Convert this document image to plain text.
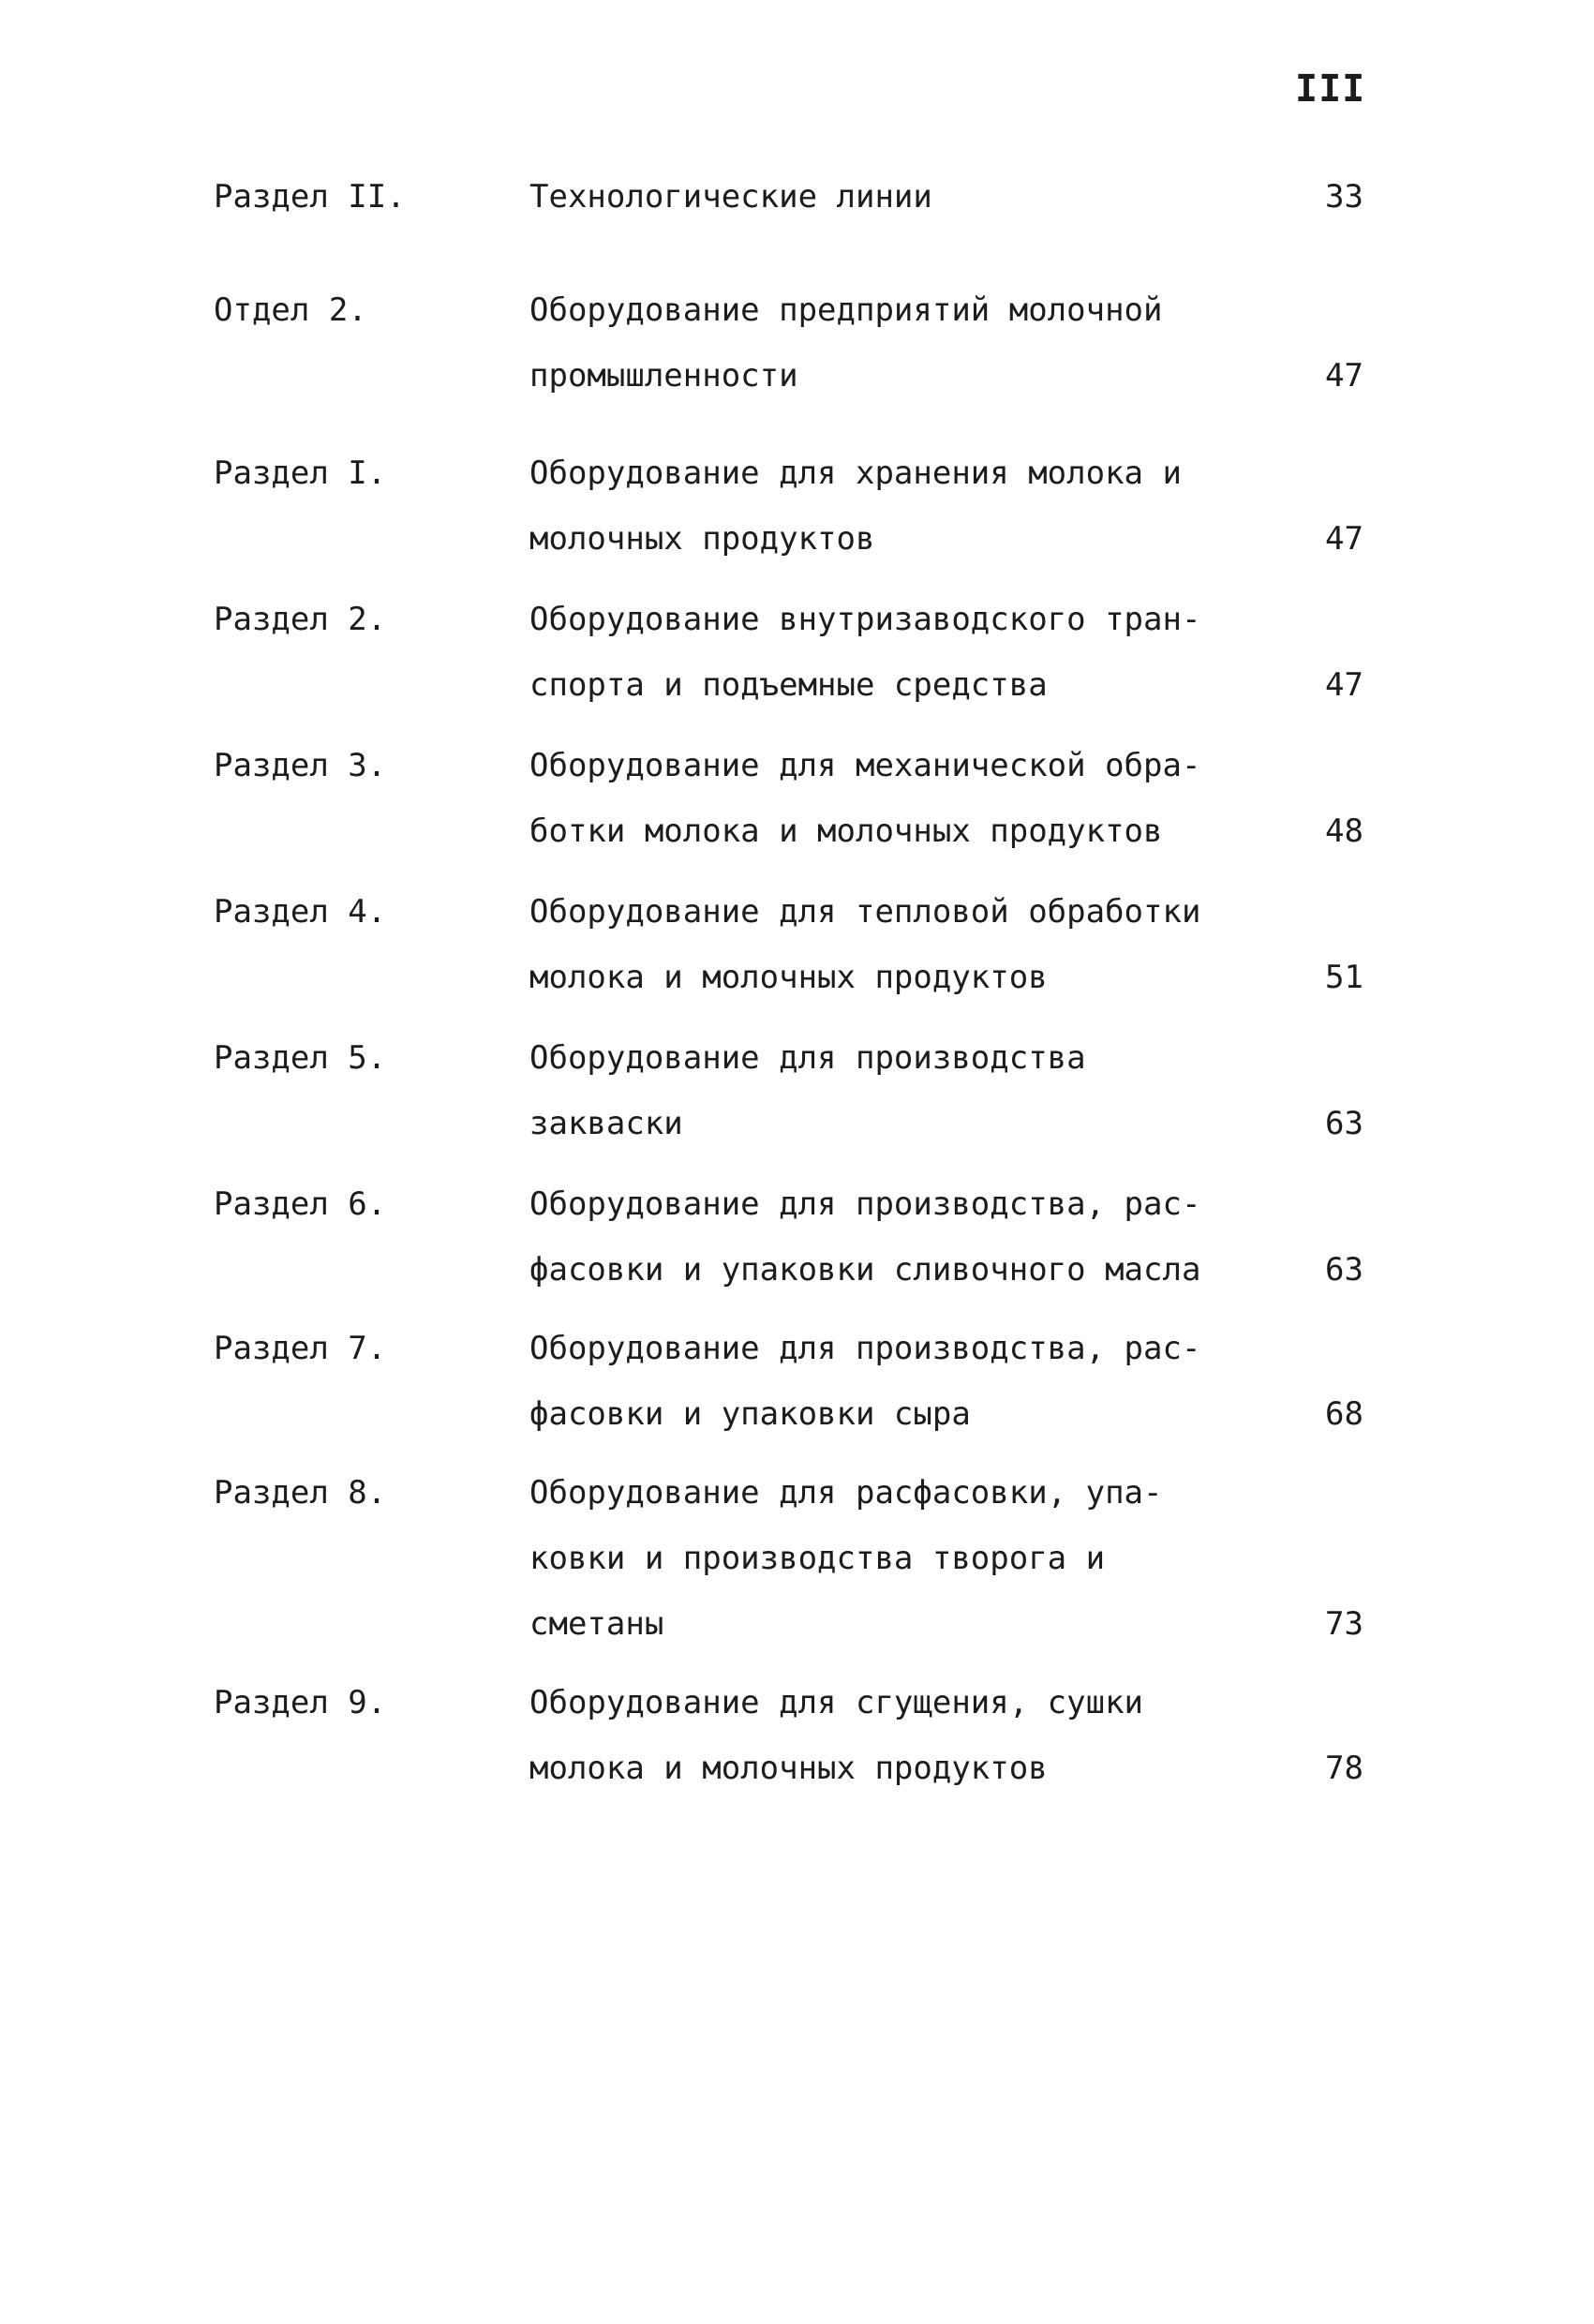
III
Раздел II.	Технологические линии	33
Отдел 2.	Оборудование предприятий молочной
промышленности	47
Раздел I.	Оборудование для хранения молока и
молочных продуктов	47
Раздел 2.	Оборудование внутризаводского тран-
спорта и подъемные средства	47
Раздел 3.	Оборудование для механической обра-
ботки молока и молочных продуктов	48
Раздел 4.	Оборудование для тепловой обработки
молока и молочных продуктов	51
Раздел 5.	Оборудование для производства
закваски	63
Раздел 6.	Оборудование для производства, рас-
фасовки и упаковки сливочного масла	63
Раздел 7.	Оборудование для производства, рас-
фасовки и упаковки сыра	68
Раздел 8.	Оборудование для расфасовки, упа-
ковки и производства творога и
сметаны	73
Раздел 9.	Оборудование для сгущения, сушки
молока и молочных продуктов	78
